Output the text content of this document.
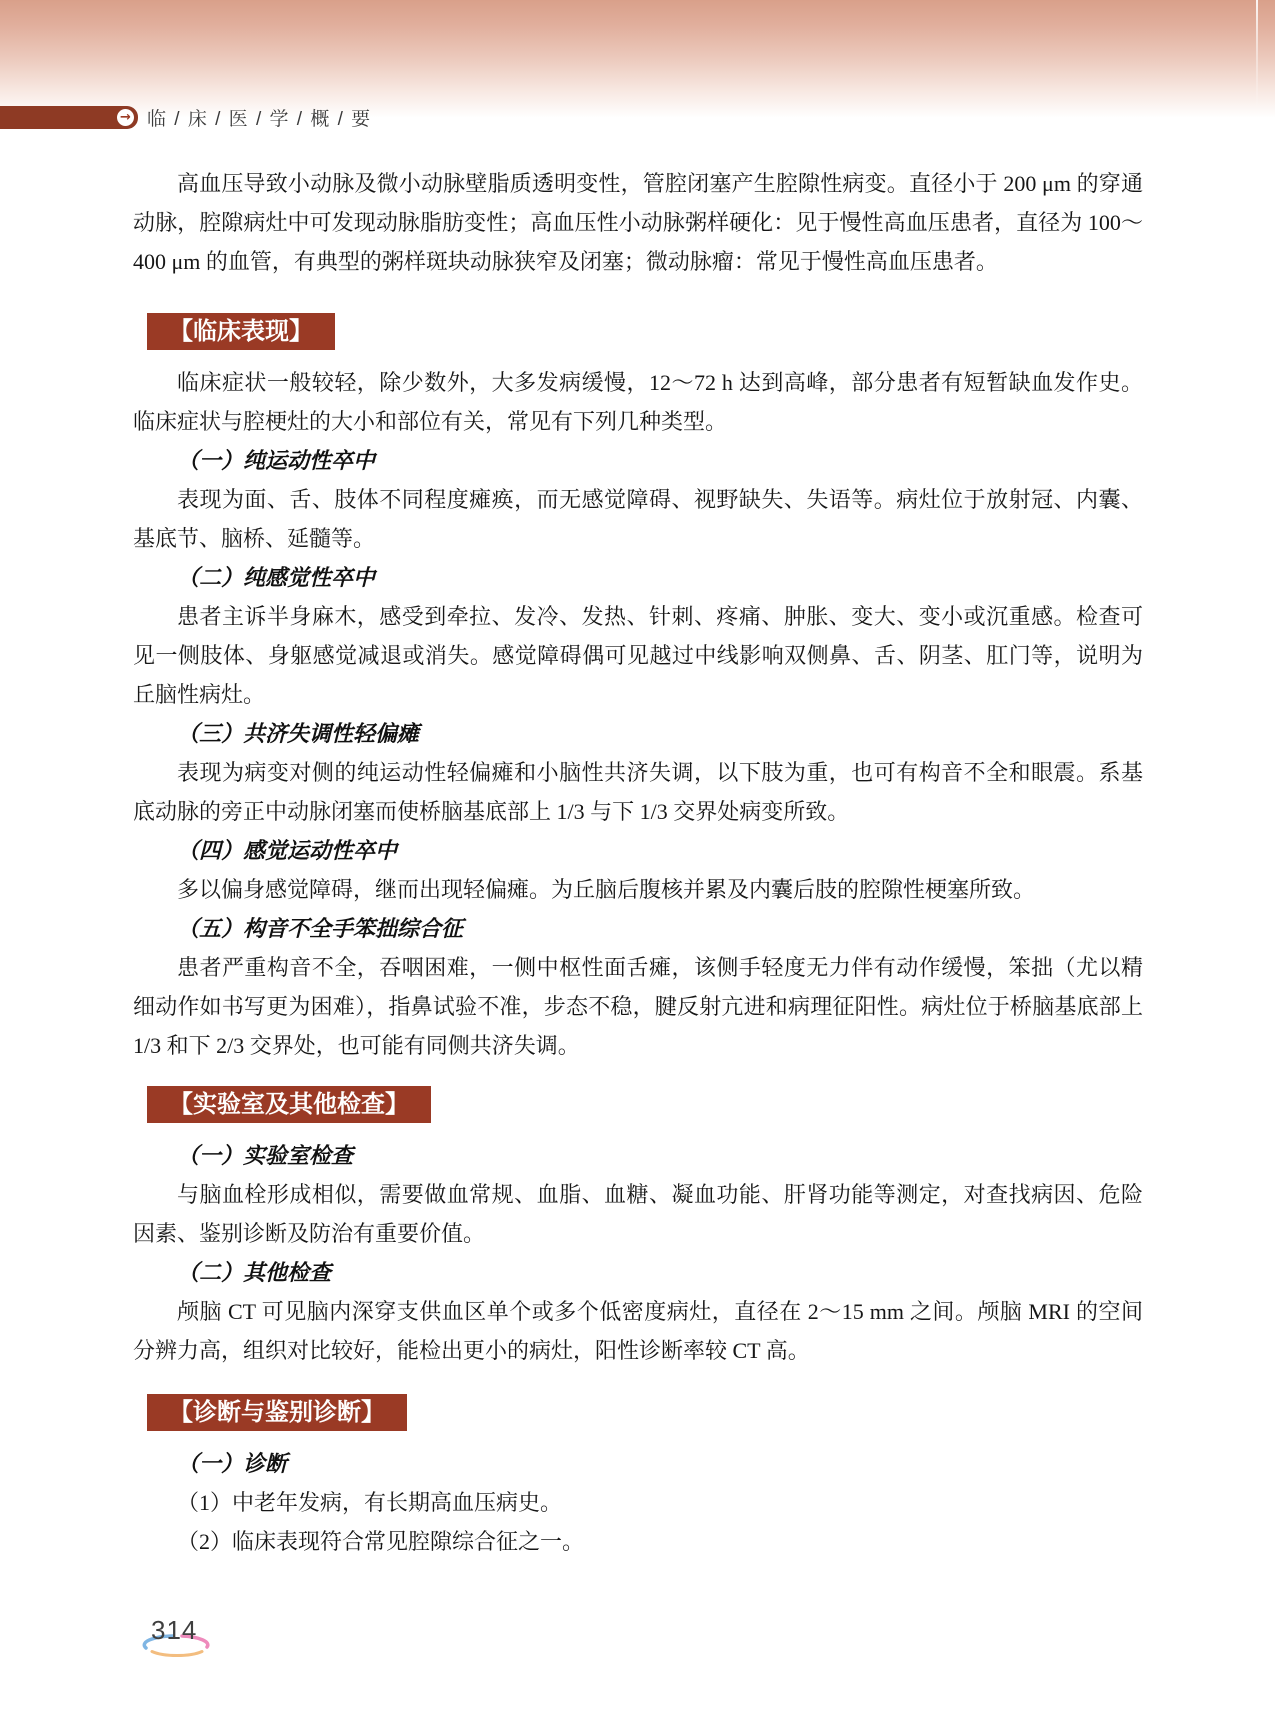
→ 临 / 床 / 医 / 学 / 概 / 要

高血压导致小动脉及微小动脉壁脂质透明变性，管腔闭塞产生腔隙性病变。直径小于 200 μm 的穿通动脉，腔隙病灶中可发现动脉脂肪变性；高血压性小动脉粥样硬化：见于慢性高血压患者，直径为 100～400 μm 的血管，有典型的粥样斑块动脉狭窄及闭塞；微动脉瘤：常见于慢性高血压患者。

【临床表现】

临床症状一般较轻，除少数外，大多发病缓慢，12～72 h 达到高峰，部分患者有短暂缺血发作史。临床症状与腔梗灶的大小和部位有关，常见有下列几种类型。

（一）纯运动性卒中

表现为面、舌、肢体不同程度瘫痪，而无感觉障碍、视野缺失、失语等。病灶位于放射冠、内囊、基底节、脑桥、延髓等。

（二）纯感觉性卒中

患者主诉半身麻木，感受到牵拉、发冷、发热、针刺、疼痛、肿胀、变大、变小或沉重感。检查可见一侧肢体、身躯感觉减退或消失。感觉障碍偶可见越过中线影响双侧鼻、舌、阴茎、肛门等，说明为丘脑性病灶。

（三）共济失调性轻偏瘫

表现为病变对侧的纯运动性轻偏瘫和小脑性共济失调，以下肢为重，也可有构音不全和眼震。系基底动脉的旁正中动脉闭塞而使桥脑基底部上 1/3 与下 1/3 交界处病变所致。

（四）感觉运动性卒中

多以偏身感觉障碍，继而出现轻偏瘫。为丘脑后腹核并累及内囊后肢的腔隙性梗塞所致。

（五）构音不全手笨拙综合征

患者严重构音不全，吞咽困难，一侧中枢性面舌瘫，该侧手轻度无力伴有动作缓慢，笨拙（尤以精细动作如书写更为困难），指鼻试验不准，步态不稳，腱反射亢进和病理征阳性。病灶位于桥脑基底部上 1/3 和下 2/3 交界处，也可能有同侧共济失调。

【实验室及其他检查】
（一）实验室检查

与脑血栓形成相似，需要做血常规、血脂、血糖、凝血功能、肝肾功能等测定，对查找病因、危险因素、鉴别诊断及防治有重要价值。

（二）其他检查

颅脑 CT 可见脑内深穿支供血区单个或多个低密度病灶，直径在 2～15 mm 之间。颅脑 MRI 的空间分辨力高，组织对比较好，能检出更小的病灶，阳性诊断率较 CT 高。

【诊断与鉴别诊断】
（一）诊断

（1）中老年发病，有长期高血压病史。

（2）临床表现符合常见腔隙综合征之一。

314
